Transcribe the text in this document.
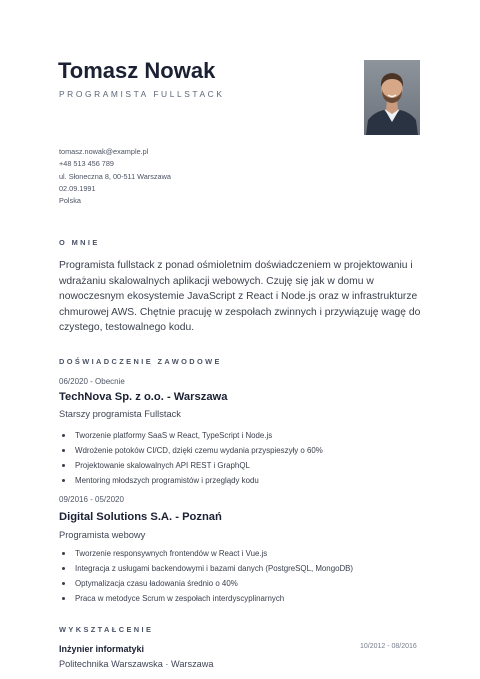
Tomasz Nowak
PROGRAMISTA FULLSTACK
tomasz.nowak@example.pl
+48 513 456 789
ul. Słoneczna 8, 00-511 Warszawa
02.09.1991
Polska
O MNIE
Programista fullstack z ponad ośmioletnim doświadczeniem w projektowaniu i wdrażaniu skalowalnych aplikacji webowych. Czuję się jak w domu w nowoczesnym ekosystemie JavaScript z React i Node.js oraz w infrastrukturze chmurowej AWS. Chętnie pracuję w zespołach zwinnych i przywiązuję wagę do czystego, testowalnego kodu.
DOŚWIADCZENIE ZAWODOWE
06/2020 - Obecnie
TechNova Sp. z o.o. - Warszawa
Starszy programista Fullstack
Tworzenie platformy SaaS w React, TypeScript i Node.js
Wdrożenie potoków CI/CD, dzięki czemu wydania przyspieszyły o 60%
Projektowanie skalowalnych API REST i GraphQL
Mentoring młodszych programistów i przeglądy kodu
09/2016 - 05/2020
Digital Solutions S.A. - Poznań
Programista webowy
Tworzenie responsywnych frontendów w React i Vue.js
Integracja z usługami backendowymi i bazami danych (PostgreSQL, MongoDB)
Optymalizacja czasu ładowania średnio o 40%
Praca w metodyce Scrum w zespołach interdyscyplinarnych
WYKSZTAŁCENIE
Inżynier informatyki
Politechnika Warszawska · Warszawa
10/2012 - 08/2016
